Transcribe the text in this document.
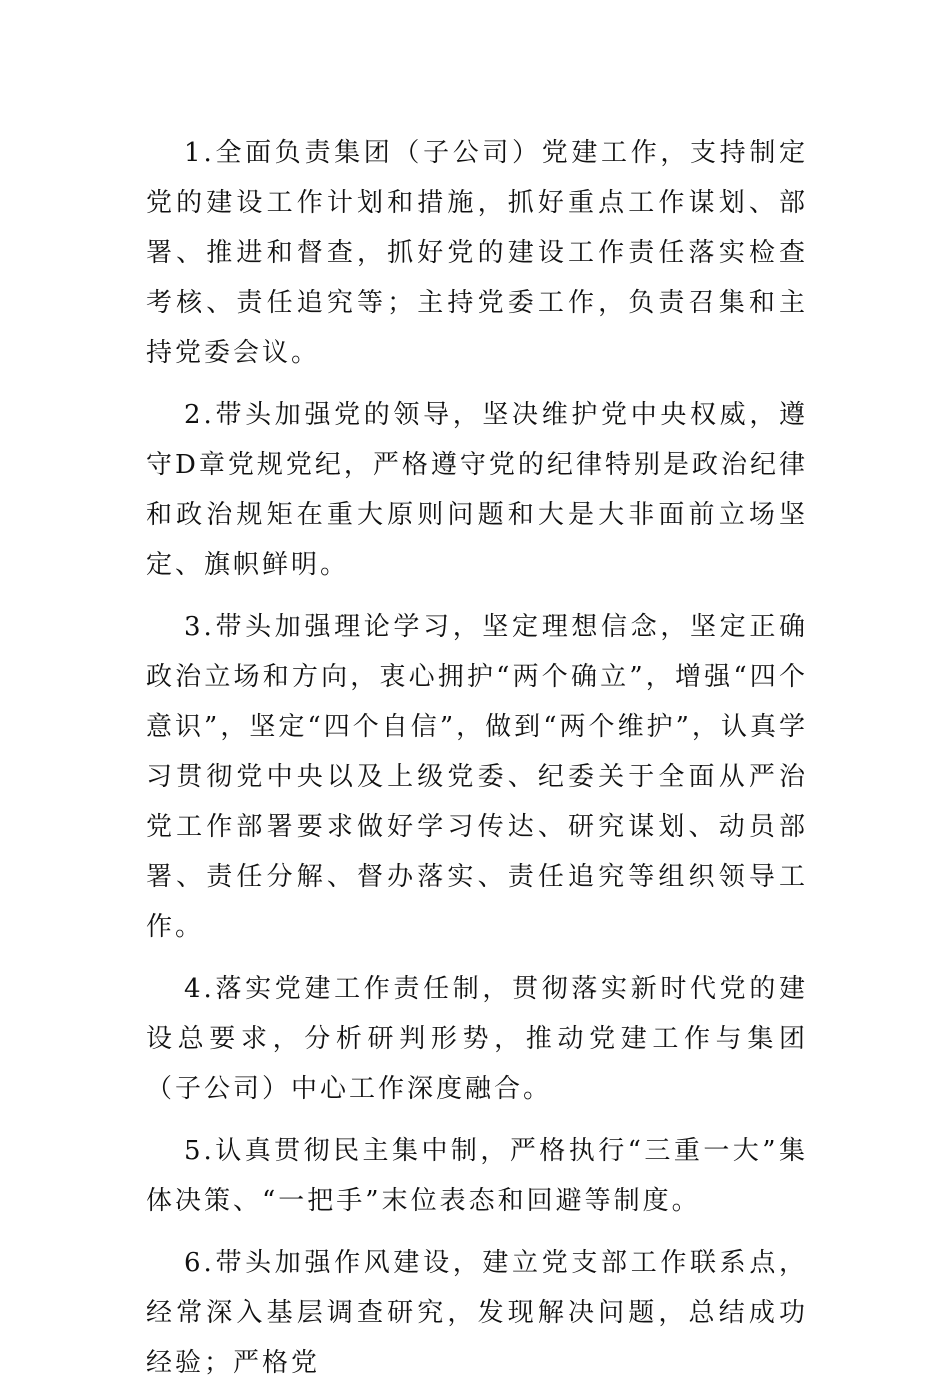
1.全面负责集团（子公司）党建工作，支持制定党的建设工作计划和措施，抓好重点工作谋划、部署、推进和督查，抓好党的建设工作责任落实检查考核、责任追究等；主持党委工作，负责召集和主持党委会议。

2.带头加强党的领导，坚决维护党中央权威，遵守D章党规党纪，严格遵守党的纪律特别是政治纪律和政治规矩在重大原则问题和大是大非面前立场坚定、旗帜鲜明。

3.带头加强理论学习，坚定理想信念，坚定正确政治立场和方向，衷心拥护“两个确立”，增强“四个意识”，坚定“四个自信”，做到“两个维护”，认真学习贯彻党中央以及上级党委、纪委关于全面从严治党工作部署要求做好学习传达、研究谋划、动员部署、责任分解、督办落实、责任追究等组织领导工作。

4.落实党建工作责任制，贯彻落实新时代党的建设总要求，分析研判形势，推动党建工作与集团（子公司）中心工作深度融合。

5.认真贯彻民主集中制，严格执行“三重一大”集体决策、“一把手”末位表态和回避等制度。

6.带头加强作风建设，建立党支部工作联系点，经常深入基层调查研究，发现解决问题，总结成功经验；严格党
